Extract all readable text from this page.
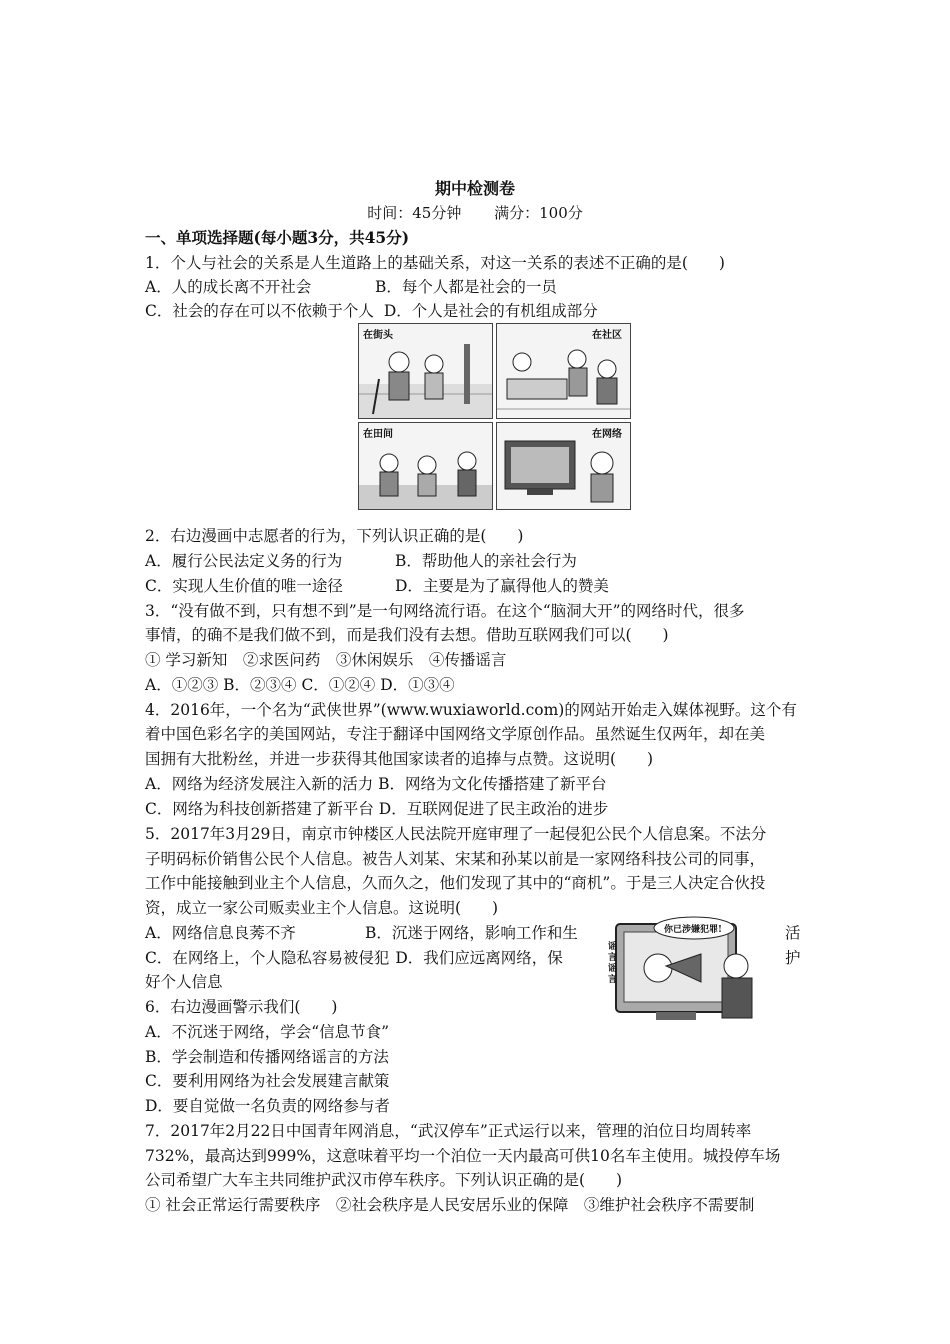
期中检测卷
时间：45分钟 满分：100分
一、单项选择题(每小题3分，共45分)
1．个人与社会的关系是人生道路上的基础关系，对这一关系的表述不正确的是(　　)
A．人的成长离不开社会	B．每个人都是社会的一员
C．社会的存在可以不依赖于个人 D．个人是社会的有机组成部分
在街头	在社区
在田间	在网络
2．右边漫画中志愿者的行为，下列认识正确的是(　　)
A．履行公民法定义务的行为	B．帮助他人的亲社会行为
C．实现人生价值的唯一途径	D．主要是为了赢得他人的赞美
3．“没有做不到，只有想不到”是一句网络流行语。在这个“脑洞大开”的网络时代，很多
事情，的确不是我们做不到，而是我们没有去想。借助互联网我们可以(　　)
① 学习新知　②求医问药　③休闲娱乐　④传播谣言
A．①②③ B．②③④ C．①②④ D．①③④
4．2016年，一个名为“武侠世界”(www.wuxiaworld.com)的网站开始走入媒体视野。这个有
着中国色彩名字的美国网站，专注于翻译中国网络文学原创作品。虽然诞生仅两年，却在美
国拥有大批粉丝，并进一步获得其他国家读者的追捧与点赞。这说明(　　)
A．网络为经济发展注入新的活力 B．网络为文化传播搭建了新平台
C．网络为科技创新搭建了新平台 D．互联网促进了民主政治的进步
5．2017年3月29日，南京市钟楼区人民法院开庭审理了一起侵犯公民个人信息案。不法分
子明码标价销售公民个人信息。被告人刘某、宋某和孙某以前是一家网络科技公司的同事，
工作中能接触到业主个人信息，久而久之，他们发现了其中的“商机”。于是三人决定合伙投
资，成立一家公司贩卖业主个人信息。这说明(　　)
A．网络信息良莠不齐	B．沉迷于网络，影响工作和生	活
C．在网络上，个人隐私容易被侵犯 D．我们应远离网络，保	护
好个人信息
你已涉嫌犯罪!
谣言谣言
6．右边漫画警示我们(　　)
A．不沉迷于网络，学会“信息节食”
B．学会制造和传播网络谣言的方法
C．要利用网络为社会发展建言献策
D．要自觉做一名负责的网络参与者
7．2017年2月22日中国青年网消息，“武汉停车”正式运行以来，管理的泊位日均周转率
732%，最高达到999%，这意味着平均一个泊位一天内最高可供10名车主使用。城投停车场
公司希望广大车主共同维护武汉市停车秩序。下列认识正确的是(　　)
① 社会正常运行需要秩序　②社会秩序是人民安居乐业的保障　③维护社会秩序不需要制
